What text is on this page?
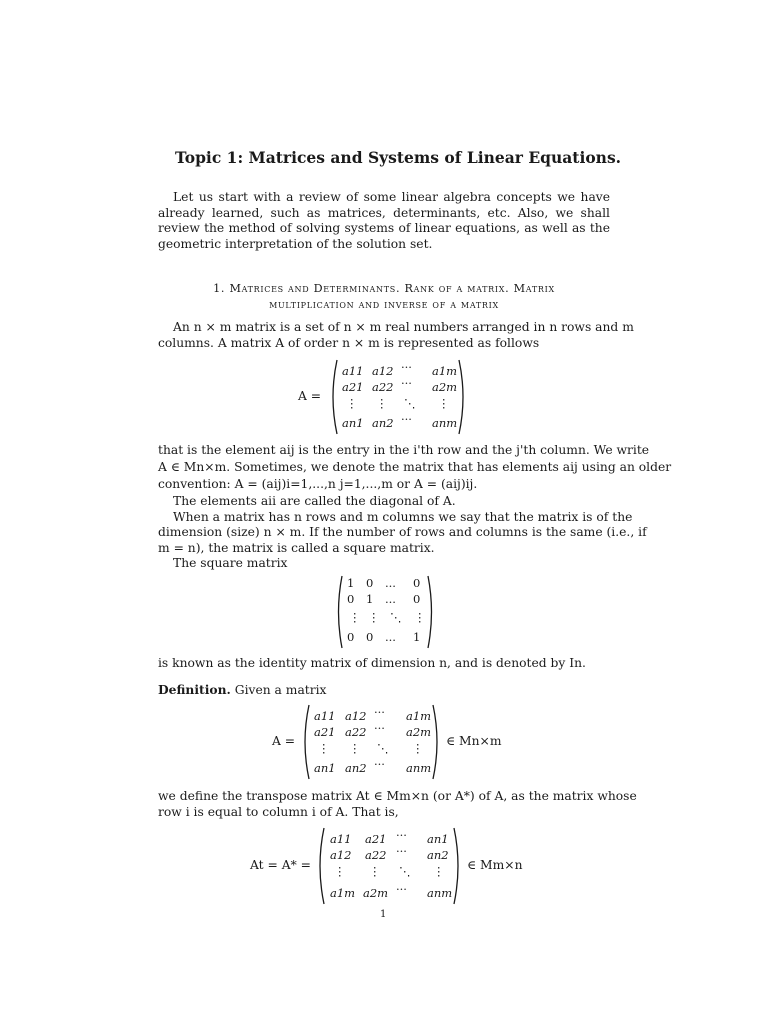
Topic 1: Matrices and Systems of Linear Equations.
Let us start with a review of some linear algebra concepts we have already learned, such as matrices, determinants, etc. Also, we shall review the method of solving systems of linear equations, as well as the geometric interpretation of the solution set.
1. Matrices and Determinants. Rank of a matrix. Matrix
multiplication and inverse of a matrix
An n × m matrix is a set of n × m real numbers arranged in n rows and m
columns. A matrix A of order n × m is represented as follows
A =
a11 a12 ··· a1m
a21 a22 ··· a2m
⋮ ⋮ ⋱ ⋮
an1 an2 ··· anm
that is the element aij is the entry in the i'th row and the j'th column. We write
A ∈ Mn×m. Sometimes, we denote the matrix that has elements aij using an older
convention: A = (aij)i=1,...,n j=1,...,m or A = (aij)ij.
The elements aii are called the diagonal of A.
When a matrix has n rows and m columns we say that the matrix is of the
dimension (size) n × m. If the number of rows and columns is the same (i.e., if
m = n), the matrix is called a square matrix.
The square matrix
1 0 ... 0
0 1 ... 0
⋮ ⋮ ⋱ ⋮
0 0 ... 1
is known as the identity matrix of dimension n, and is denoted by In.
Definition. Given a matrix
A =
a11 a12 ··· a1m
a21 a22 ··· a2m
⋮ ⋮ ⋱ ⋮
an1 an2 ··· anm
∈ Mn×m
we define the transpose matrix At ∈ Mm×n (or A*) of A, as the matrix whose
row i is equal to column i of A. That is,
At = A* =
a11 a21 ··· an1
a12 a22 ··· an2
⋮ ⋮ ⋱ ⋮
a1m a2m ··· anm
∈ Mm×n
1
